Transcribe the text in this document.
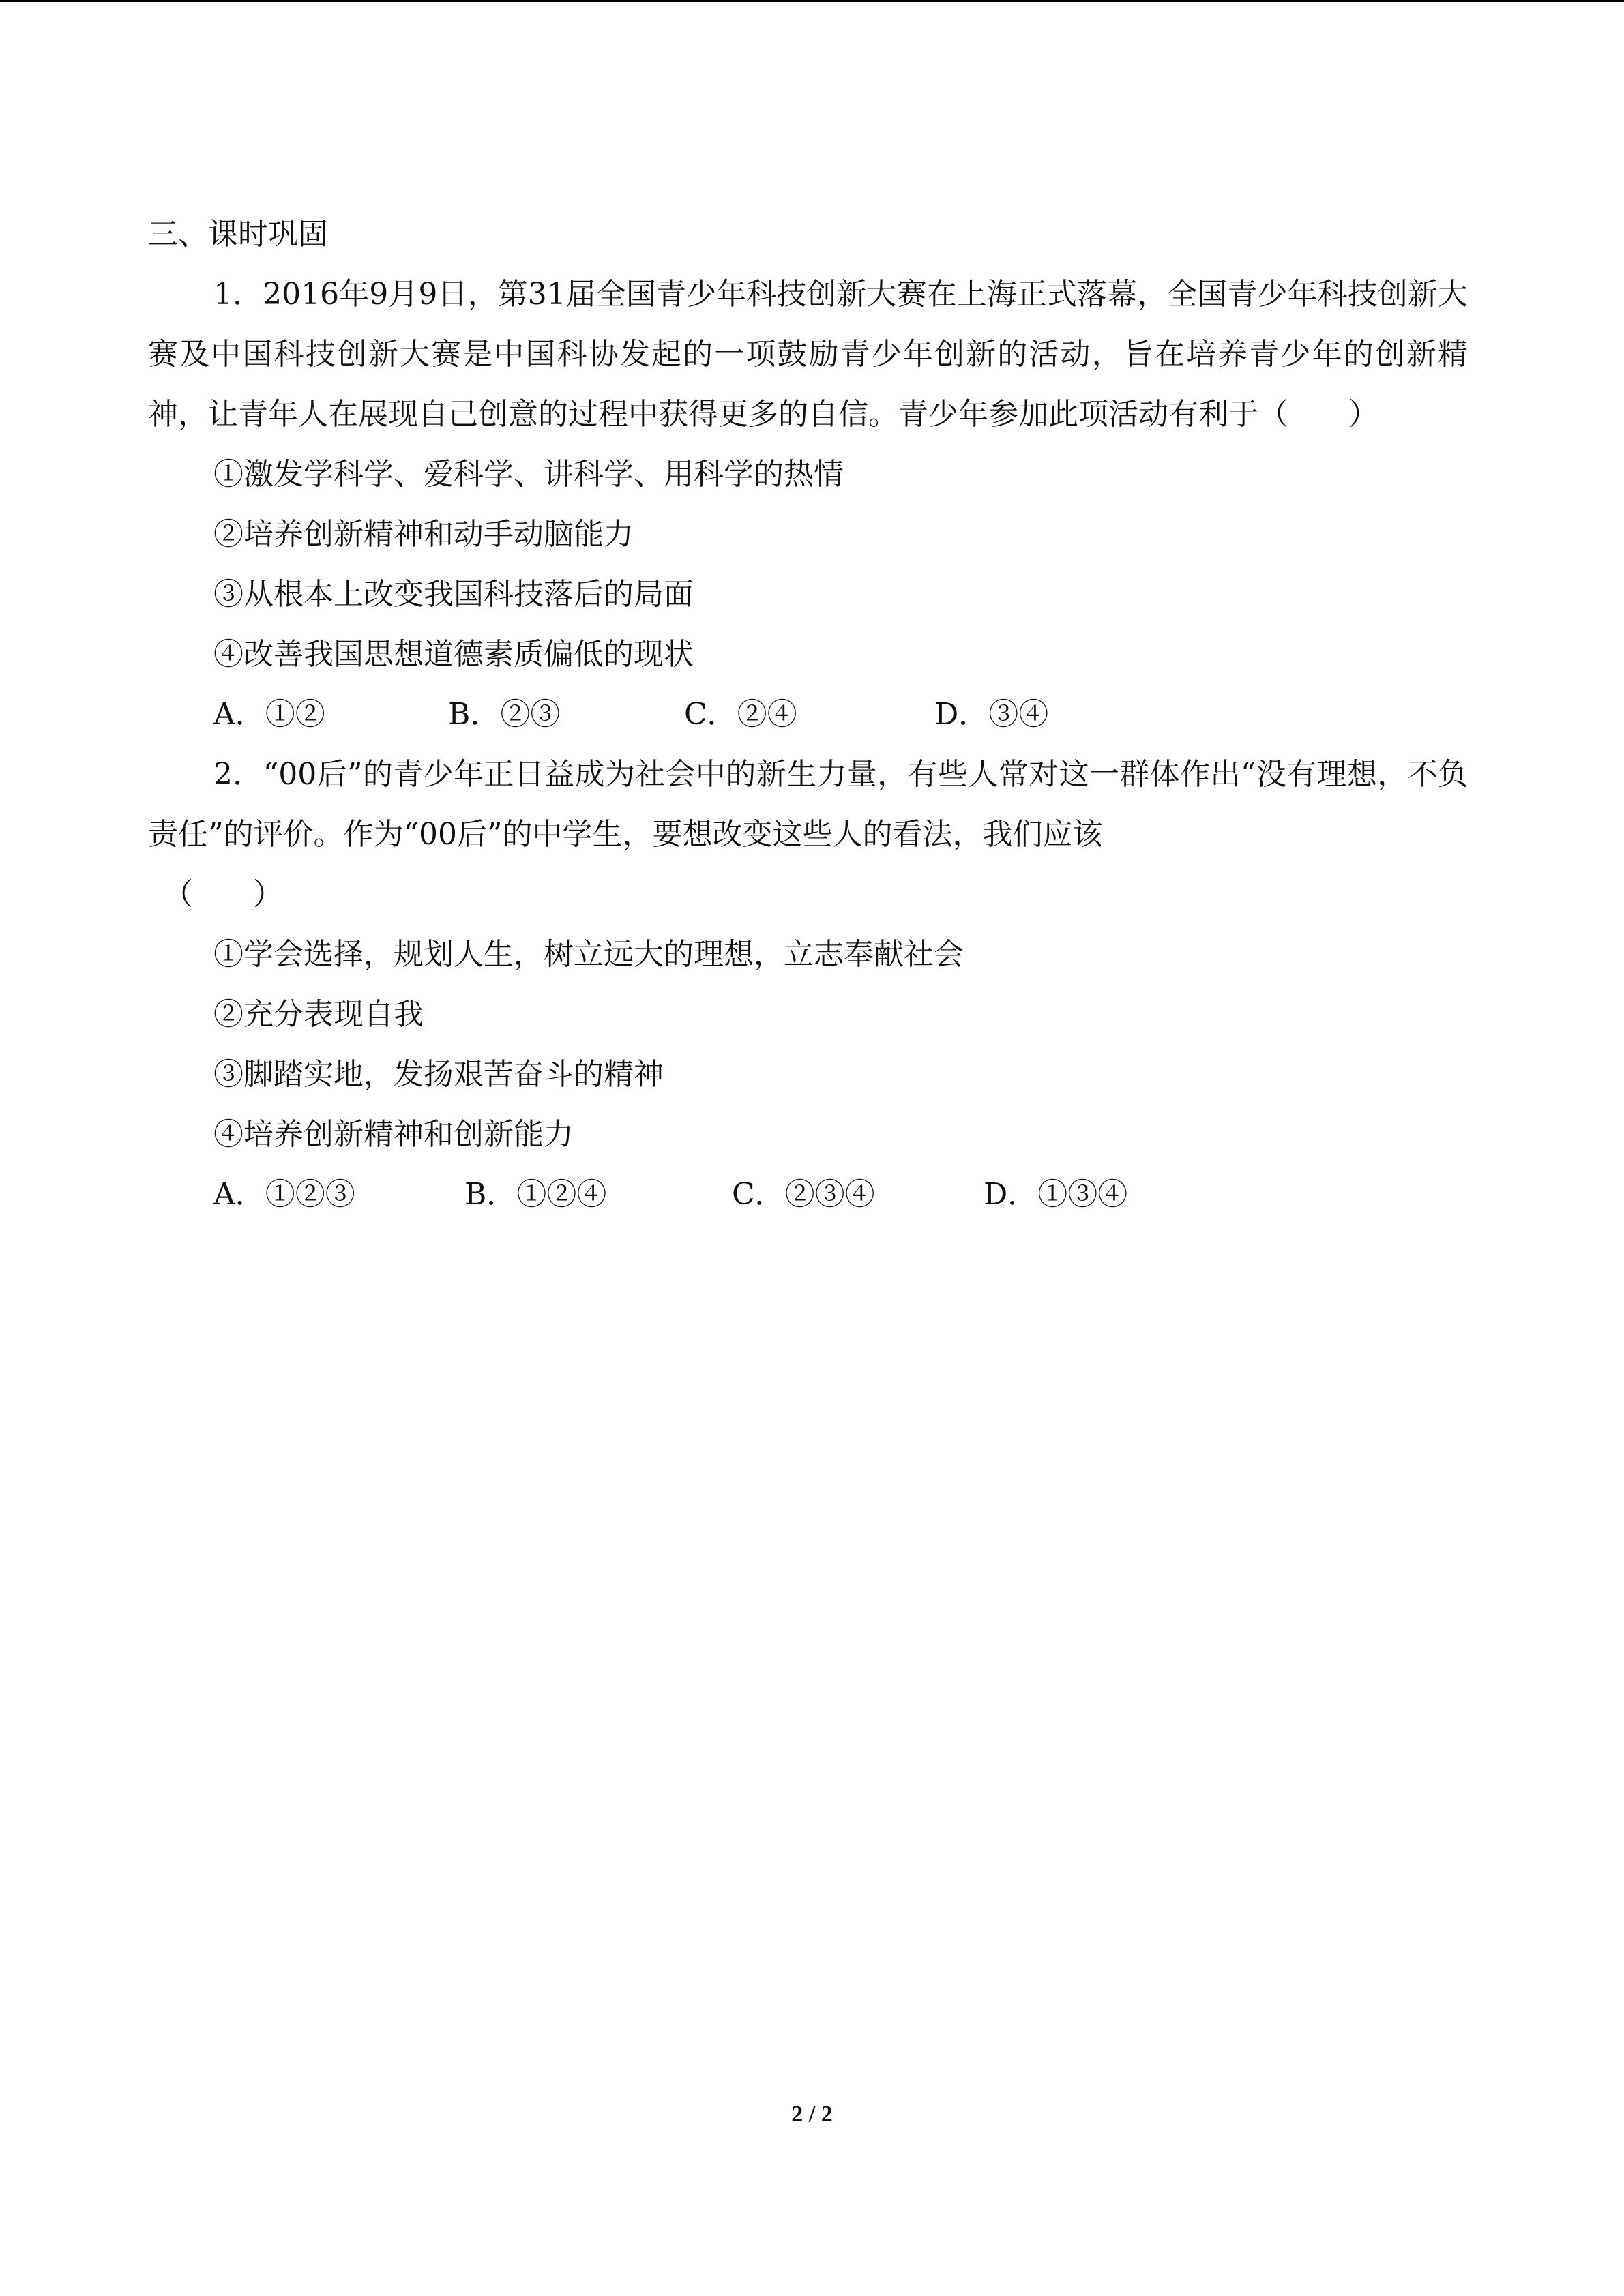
三、课时巩固
1．2016年9月9日，第31届全国青少年科技创新大赛在上海正式落幕，全国青少年科技创新大赛及中国科技创新大赛是中国科协发起的一项鼓励青少年创新的活动，旨在培养青少年的创新精神，让青年人在展现自己创意的过程中获得更多的自信。青少年参加此项活动有利于（　　）
①激发学科学、爱科学、讲科学、用科学的热情
②培养创新精神和动手动脑能力
③从根本上改变我国科技落后的局面
④改善我国思想道德素质偏低的现状
A．①②	B．②③	C．②④	D．③④
2．“00后”的青少年正日益成为社会中的新生力量，有些人常对这一群体作出“没有理想，不负责任”的评价。作为“00后”的中学生，要想改变这些人的看法，我们应该
（　　）
①学会选择，规划人生，树立远大的理想，立志奉献社会
②充分表现自我
③脚踏实地，发扬艰苦奋斗的精神
④培养创新精神和创新能力
A．①②③	B．①②④	C．②③④	D．①③④
2 / 2
